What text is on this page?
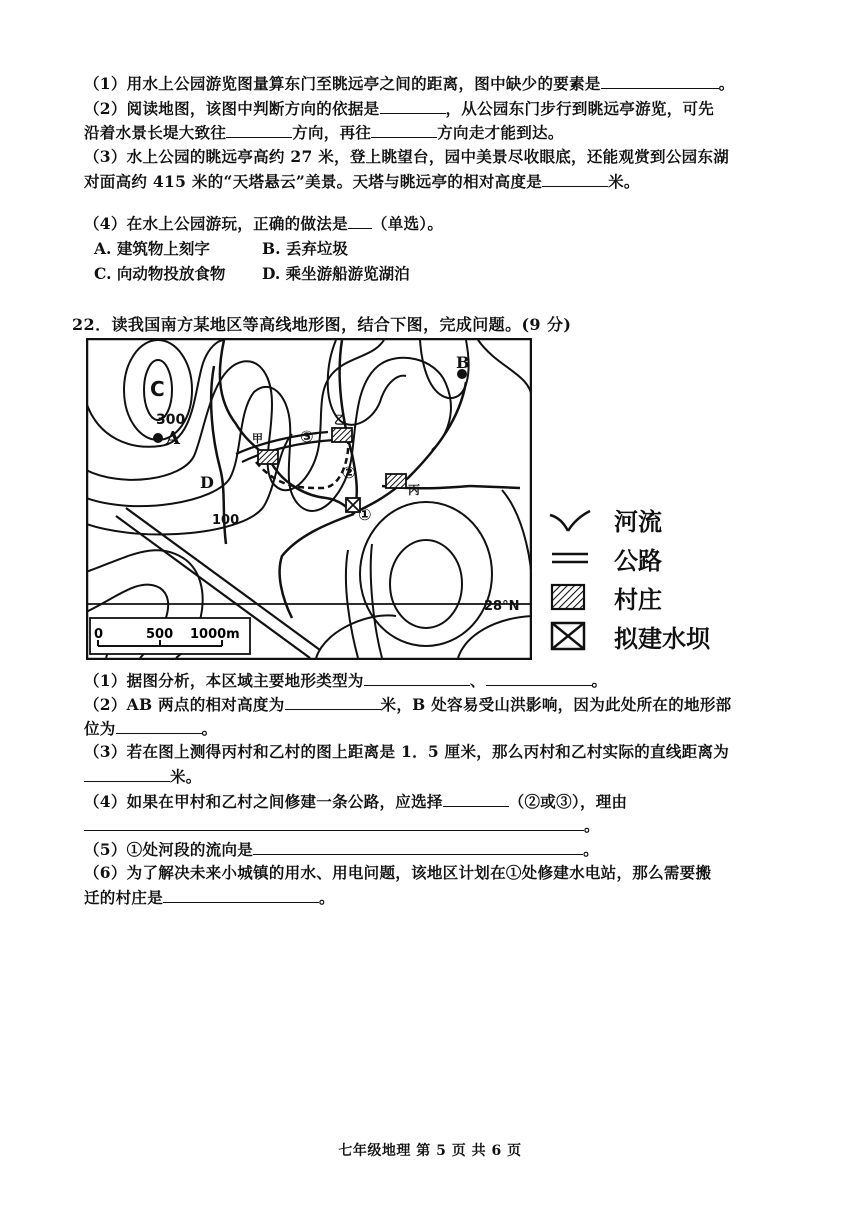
（1）用水上公园游览图量算东门至眺远亭之间的距离，图中缺少的要素是	。
（2）阅读地图，该图中判断方向的依据是	，从公园东门步行到眺远亭游览，可先
沿着水景长堤大致往	方向，再往	方向走才能到达。
（3）水上公园的眺远亭高约 27 米，登上眺望台，园中美景尽收眼底，还能观赏到公园东湖
对面高约 415 米的“天塔悬云”美景。天塔与眺远亭的相对高度是	米。
（4）在水上公园游玩，正确的做法是 （单选）。
A. 建筑物上刻字	B. 丢弃垃圾
C. 向动物投放食物 D. 乘坐游船游览湖泊
22．读我国南方某地区等高线地形图，结合下图，完成问题。(9 分)
C
A
B
D
300
100
甲
乙
丙
①
②
③
28°N
0	500 1000m
河流
公路
村庄
拟建水坝
（1）据图分析，本区域主要地形类型为	、	。
（2）AB 两点的相对高度为	米，B 处容易受山洪影响，因为此处所在的地形部
位为	。
（3）若在图上测得丙村和乙村的图上距离是 1．5 厘米，那么丙村和乙村实际的直线距离为
米。
（4）如果在甲村和乙村之间修建一条公路，应选择	（②或③），理由
。
（5）①处河段的流向是	。
（6）为了解决未来小城镇的用水、用电问题，该地区计划在①处修建水电站，那么需要搬
迁的村庄是	。
七年级地理 第 5 页 共 6 页
